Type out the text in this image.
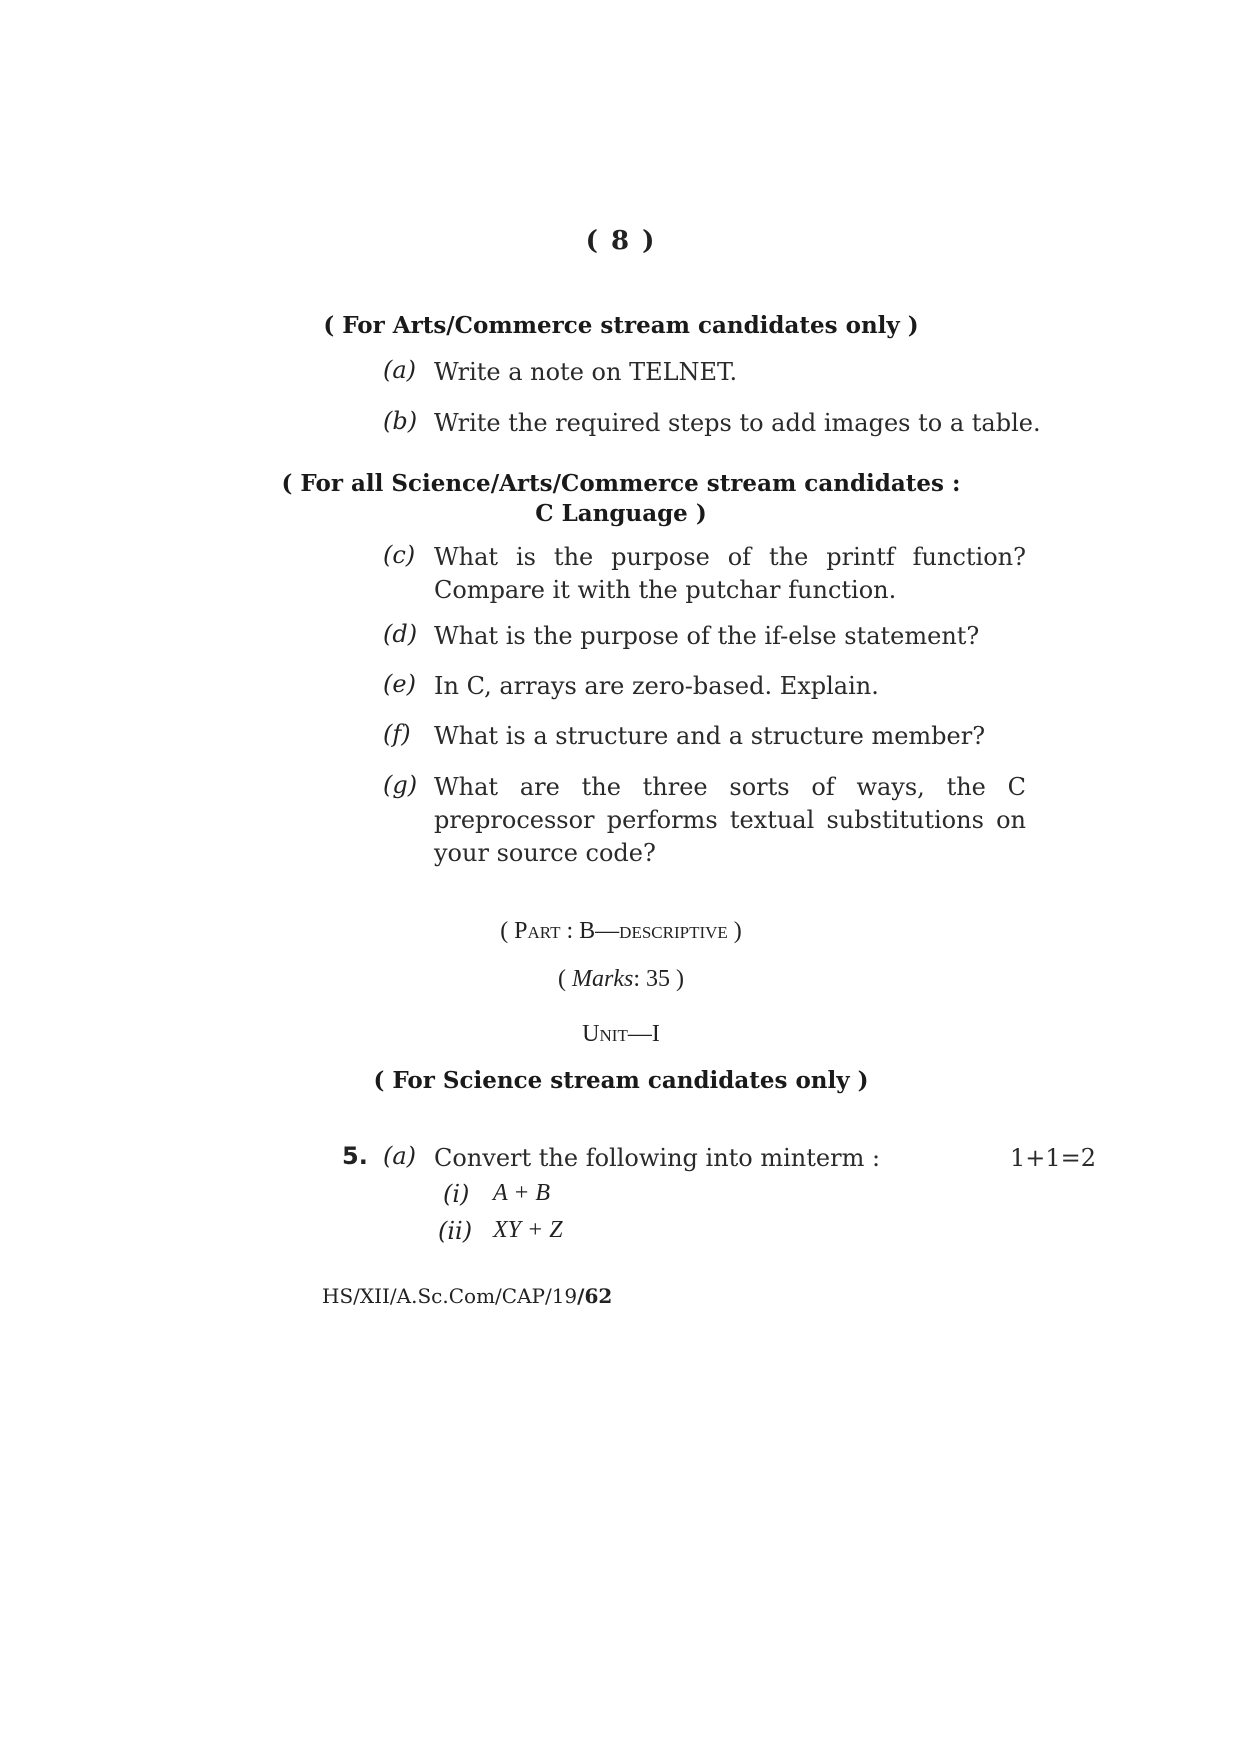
( 8 )
( For Arts/Commerce stream candidates only )
(a) Write a note on TELNET.
(b) Write the required steps to add images to a table.
( For all Science/Arts/Commerce stream candidates :
C Language )
(c) What is the purpose of the printf function?
Compare it with the putchar function.
(d) What is the purpose of the if-else statement?
(e) In C, arrays are zero-based. Explain.
(f) What is a structure and a structure member?
(g) What are the three sorts of ways, the C
preprocessor performs textual substitutions on
your source code?
( Part : B—descriptive )
( Marks: 35 )
Unit—I
( For Science stream candidates only )
5. (a) Convert the following into minterm :	1+1=2
(i) A + B
(ii) XY + Z
HS/XII/A.Sc.Com/CAP/19/62
